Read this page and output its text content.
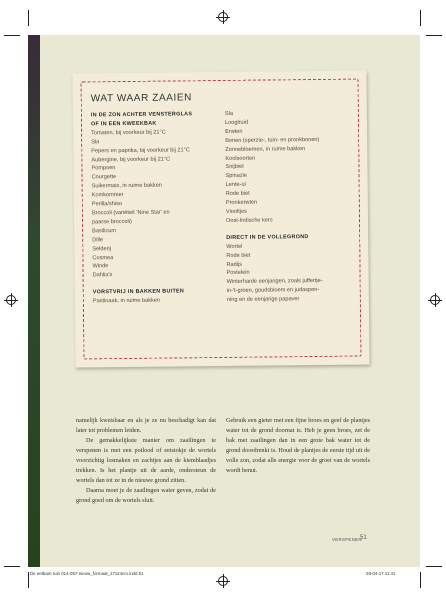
WAT WAAR ZAAIEN
IN DE ZON ACHTER VENSTERGLAS
OF IN EEN KWEEKBAK
Tomaten, bij voorkeur bij 21°C
Sla
Pepers en paprika, bij voorkeur bij 21°C
Aubergine, bij voorkeur bij 21°C
Pompoen
Courgette
Suikermais, in ruime bakken
Komkommer
Perilla/shiso
Broccoli (variëteit 'Nine Star' en
paarse broccoli)
Basilicum
Dille
Selderij
Cosmea
Winde
Dahlia's
VORSTVRIJ IN BAKKEN BUITEN
Pastinaak, in ruime bakken
Sla
Looglruid
Erwten
Bonen (sperzie-, tuin- en pronkbonen)
Zonnebloemen, in ruime bakken
Koolsoorten
Snijbiet
Spinazie
Lente-ui
Rode biet
Pronkerwten
Viooltjes
Oost-Indische kers
DIRECT IN DE VOLLEGROND
Wortel
Rode biet
Radijs
Postelein
Winterharde eenjarigen, zoals juffertje-
in-'t-groen, goudsbloem en judaspen-
ning en de eenjarige papaver

namelijk kwetsbaar en als je ze nu beschadigt kan dat later tot problemen leiden.

De gemakkelijkste manier om zaailingen te verspenen is met een potlood of eetstokje de wortels voorzichtig losmaken en zachtjes aan de kiemblaadjes trekken. Is het plantje uit de aarde, ondersteun de wortels dan tot ze in de nieuwe grond zitten.

Daarna moet je de zaailingen water geven, zodat de grond goed om de wortels sluit.

Gebruik een gieter met een fijne broes en geef de plantjes water tot de grond doornat is. Heb je geen broes, zet de bak met zaailingen dan in een grote bak water tot de grond doordrenkt is. Houd de plantjes de eerste tijd uit de volle zon, zodat alle energie voor de groei van de wortels wordt benut.

VERSPENEN
51
De eetbare tuin 014-057-nieuw_formaat_17x24cm.indd 51	28-04-17 11:41
